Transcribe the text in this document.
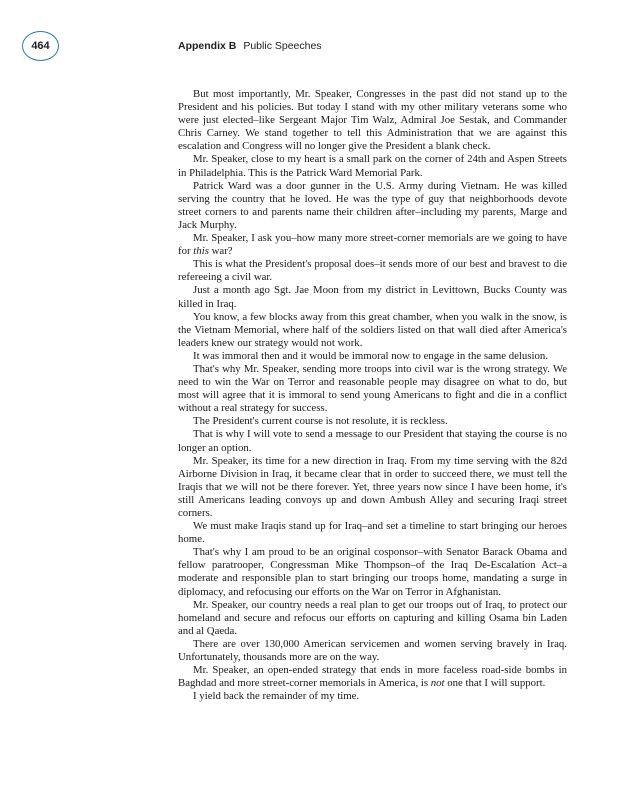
464	Appendix B Public Speeches

But most importantly, Mr. Speaker, Congresses in the past did not stand up to the President and his policies. But today I stand with my other military veterans some who were just elected–like Sergeant Major Tim Walz, Admiral Joe Sestak, and Commander Chris Carney. We stand together to tell this Administration that we are against this escalation and Congress will no longer give the President a blank check.

Mr. Speaker, close to my heart is a small park on the corner of 24th and Aspen Streets in Philadelphia. This is the Patrick Ward Memorial Park.

Patrick Ward was a door gunner in the U.S. Army during Vietnam. He was killed serving the country that he loved. He was the type of guy that neighborhoods devote street corners to and parents name their children after–including my parents, Marge and Jack Murphy.

Mr. Speaker, I ask you–how many more street-corner memorials are we going to have for this war?

This is what the President's proposal does–it sends more of our best and bravest to die refereeing a civil war.

Just a month ago Sgt. Jae Moon from my district in Levittown, Bucks County was killed in Iraq.

You know, a few blocks away from this great chamber, when you walk in the snow, is the Vietnam Memorial, where half of the soldiers listed on that wall died after America's leaders knew our strategy would not work.

It was immoral then and it would be immoral now to engage in the same delusion.

That's why Mr. Speaker, sending more troops into civil war is the wrong strategy. We need to win the War on Terror and reasonable people may disagree on what to do, but most will agree that it is immoral to send young Americans to fight and die in a conflict without a real strategy for success.

The President's current course is not resolute, it is reckless.

That is why I will vote to send a message to our President that staying the course is no longer an option.

Mr. Speaker, its time for a new direction in Iraq. From my time serving with the 82d Airborne Division in Iraq, it became clear that in order to succeed there, we must tell the Iraqis that we will not be there forever. Yet, three years now since I have been home, it's still Americans leading convoys up and down Ambush Alley and securing Iraqi street corners.

We must make Iraqis stand up for Iraq–and set a timeline to start bringing our heroes home.

That's why I am proud to be an original cosponsor–with Senator Barack Obama and fellow paratrooper, Congressman Mike Thompson–of the Iraq De-Escalation Act–a moderate and responsible plan to start bringing our troops home, mandating a surge in diplomacy, and refocusing our efforts on the War on Terror in Afghanistan.

Mr. Speaker, our country needs a real plan to get our troops out of Iraq, to protect our homeland and secure and refocus our efforts on capturing and killing Osama bin Laden and al Qaeda.

There are over 130,000 American servicemen and women serving bravely in Iraq. Unfortunately, thousands more are on the way.

Mr. Speaker, an open-ended strategy that ends in more faceless road-side bombs in Baghdad and more street-corner memorials in America, is not one that I will support.

I yield back the remainder of my time.
